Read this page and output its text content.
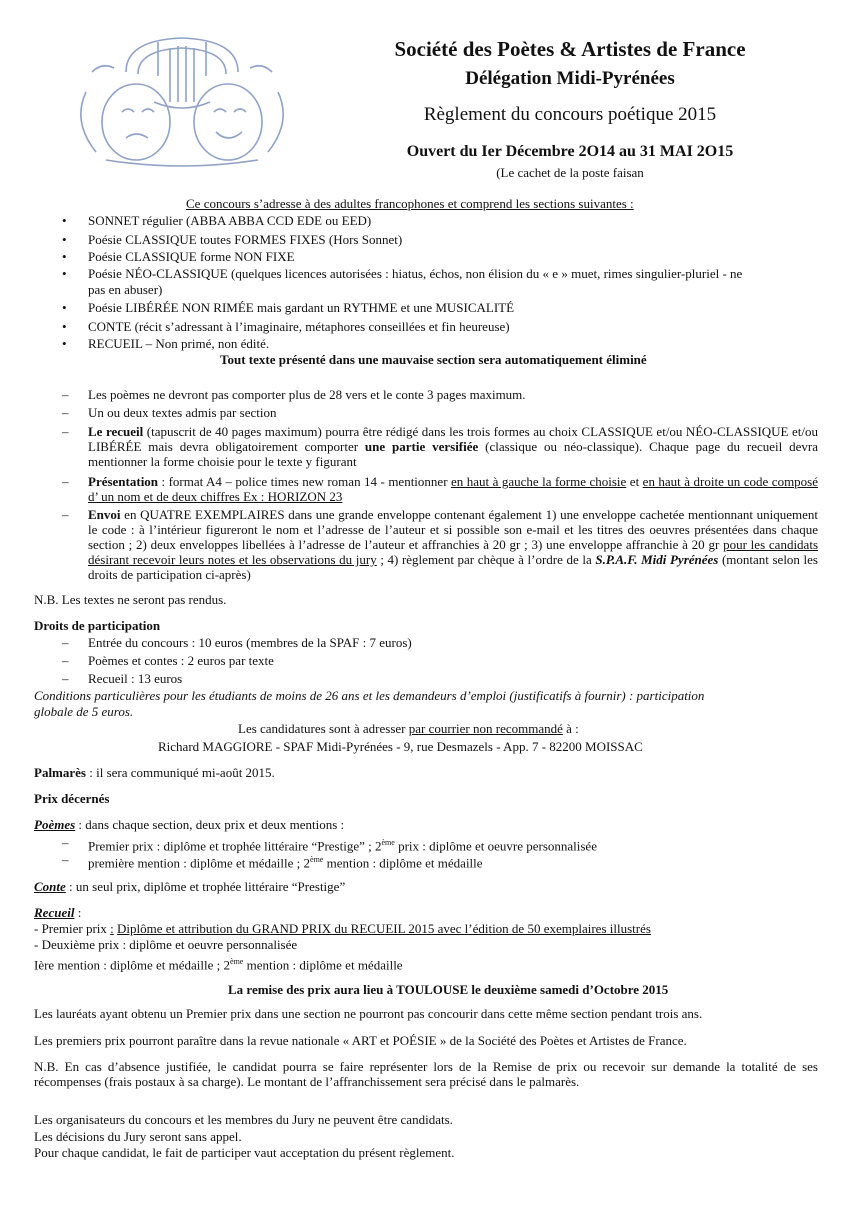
Société des Poètes & Artistes de France
Délégation Midi-Pyrénées
Règlement du concours poétique 2015
Ouvert du Ier Décembre 2O14 au 31 MAI 2O15
(Le cachet de la poste faisan
Ce concours s’adresse à des adultes francophones et comprend les sections suivantes :
• SONNET régulier (ABBA ABBA CCD EDE ou EED)
• Poésie CLASSIQUE toutes FORMES FIXES (Hors Sonnet)
• Poésie CLASSIQUE forme NON FIXE
• Poésie NÉO-CLASSIQUE (quelques licences autorisées : hiatus, échos, non élision du « e » muet, rimes singulier-pluriel - ne
pas en abuser)
• Poésie LIBÉRÉE NON RIMÉE mais gardant un RYTHME et une MUSICALITÉ
• CONTE (récit s’adressant à l’imaginaire, métaphores conseillées et fin heureuse)
• RECUEIL – Non primé, non édité.
Tout texte présenté dans une mauvaise section sera automatiquement éliminé
– Les poèmes ne devront pas comporter plus de 28 vers et le conte 3 pages maximum.
– Un ou deux textes admis par section
– Le recueil (tapuscrit de 40 pages maximum) pourra être rédigé dans les trois formes au choix CLASSIQUE et/ou NÉO-CLASSIQUE et/ou LIBÉRÉE mais devra obligatoirement comporter une partie versifiée (classique ou néo-classique). Chaque page du recueil devra mentionner la forme choisie pour le texte y figurant
– Présentation : format A4 – police times new roman 14 - mentionner en haut à gauche la forme choisie et en haut à droite un code composé d’ un nom et de deux chiffres Ex : HORIZON 23
– Envoi en QUATRE EXEMPLAIRES dans une grande enveloppe contenant également 1) une enveloppe cachetée mentionnant uniquement le code : à l’intérieur figureront le nom et l’adresse de l’auteur et si possible son e-mail et les titres des oeuvres présentées dans chaque section ; 2) deux enveloppes libellées à l’adresse de l’auteur et affranchies à 20 gr ; 3) une enveloppe affranchie à 20 gr pour les candidats désirant recevoir leurs notes et les observations du jury ; 4) règlement par chèque à l’ordre de la S.P.A.F. Midi Pyrénées (montant selon les droits de participation ci-après)
N.B. Les textes ne seront pas rendus.
Droits de participation
– Entrée du concours : 10 euros (membres de la SPAF : 7 euros)
– Poèmes et contes : 2 euros par texte
– Recueil : 13 euros
Conditions particulières pour les étudiants de moins de 26 ans et les demandeurs d’emploi (justificatifs à fournir) : participation
globale de 5 euros.
Les candidatures sont à adresser par courrier non recommandé à :
Richard MAGGIORE - SPAF Midi-Pyrénées - 9, rue Desmazels - App. 7 - 82200 MOISSAC
Palmarès : il sera communiqué mi-août 2015.
Prix décernés
Poèmes : dans chaque section, deux prix et deux mentions :
– Premier prix : diplôme et trophée littéraire “Prestige” ; 2ème prix : diplôme et oeuvre personnalisée
– première mention : diplôme et médaille ; 2ème mention : diplôme et médaille
Conte : un seul prix, diplôme et trophée littéraire “Prestige”
Recueil :
- Premier prix : Diplôme et attribution du GRAND PRIX du RECUEIL 2015 avec l’édition de 50 exemplaires illustrés
- Deuxième prix : diplôme et oeuvre personnalisée
Ière mention : diplôme et médaille ; 2ème mention : diplôme et médaille
La remise des prix aura lieu à TOULOUSE le deuxième samedi d’Octobre 2015
Les lauréats ayant obtenu un Premier prix dans une section ne pourront pas concourir dans cette même section pendant trois ans.
Les premiers prix pourront paraître dans la revue nationale « ART et POÉSIE » de la Société des Poètes et Artistes de France.
N.B. En cas d’absence justifiée, le candidat pourra se faire représenter lors de la Remise de prix ou recevoir sur demande la totalité de ses récompenses (frais postaux à sa charge). Le montant de l’affranchissement sera précisé dans le palmarès.
Les organisateurs du concours et les membres du Jury ne peuvent être candidats.
Les décisions du Jury seront sans appel.
Pour chaque candidat, le fait de participer vaut acceptation du présent règlement.
